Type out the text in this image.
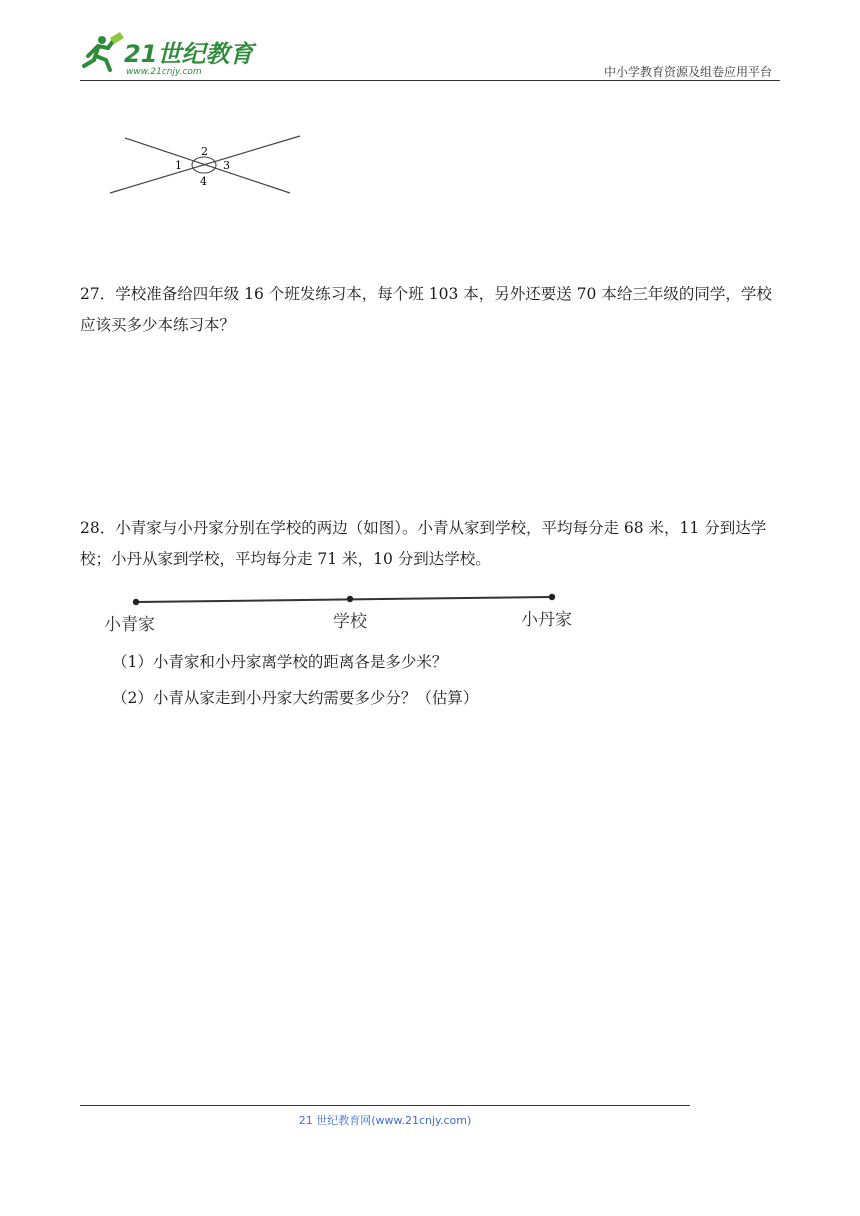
21世纪教育
www.21cnjy.com	中小学教育资源及组卷应用平台
2
1	3
4
27．学校准备给四年级 16 个班发练习本，每个班 103 本，另外还要送 70 本给三年级的同学，学校应该买多少本练习本？
28．小青家与小丹家分别在学校的两边（如图）。小青从家到学校，平均每分走 68 米，11 分到达学校；小丹从家到学校，平均每分走 71 米，10 分到达学校。
小青家	学校	小丹家
（1）小青家和小丹家离学校的距离各是多少米？
（2）小青从家走到小丹家大约需要多少分？（估算）
21 世纪教育网(www.21cnjy.com)
